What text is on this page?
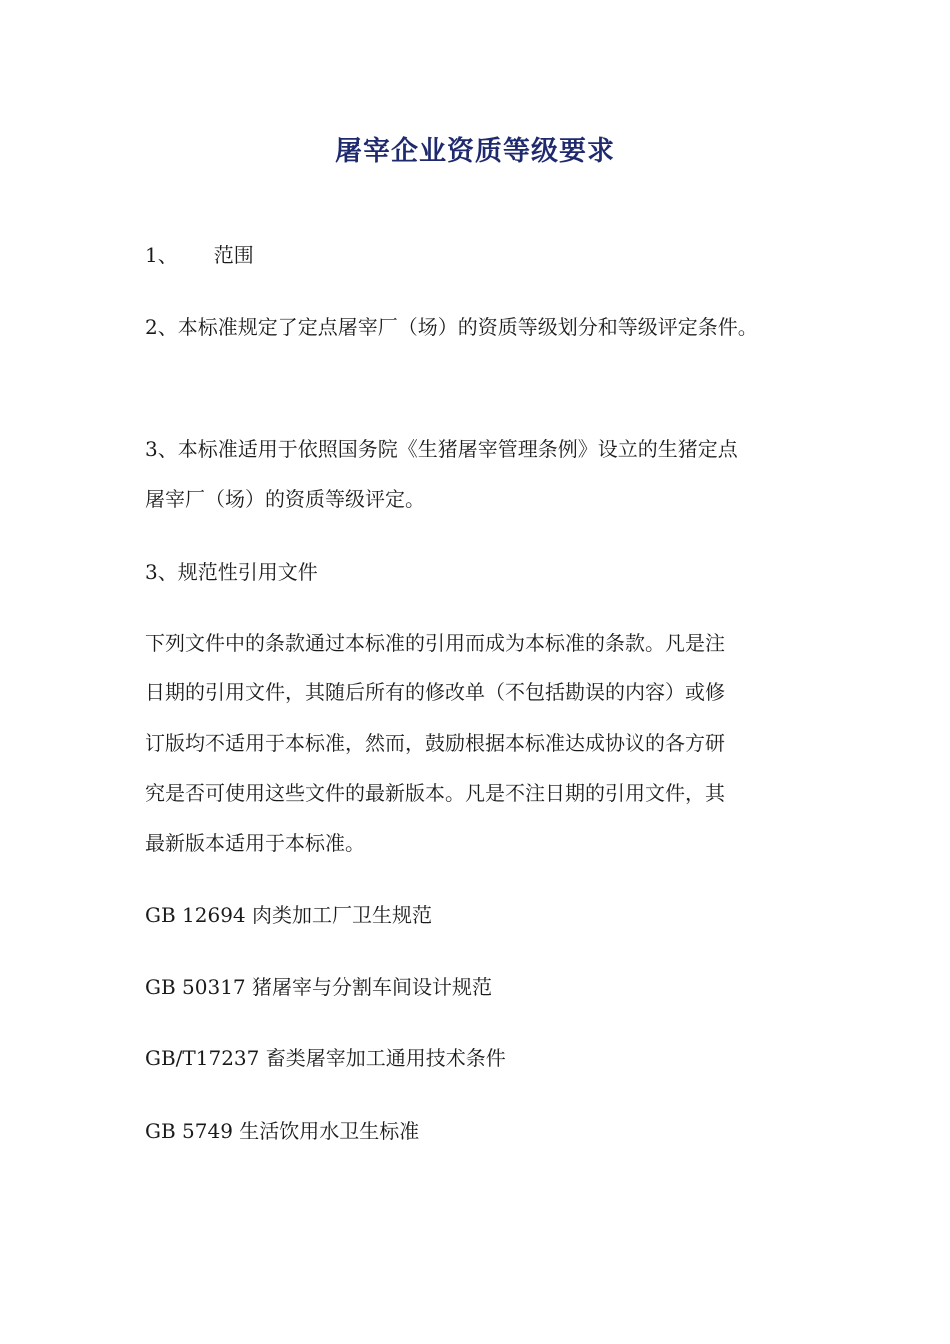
屠宰企业资质等级要求
1、 范围
2、本标准规定了定点屠宰厂（场）的资质等级划分和等级评定条件。
3、本标准适用于依照国务院《生猪屠宰管理条例》设立的生猪定点
屠宰厂（场）的资质等级评定。
3、规范性引用文件
下列文件中的条款通过本标准的引用而成为本标准的条款。凡是注
日期的引用文件，其随后所有的修改单（不包括勘误的内容）或修
订版均不适用于本标准，然而，鼓励根据本标准达成协议的各方研
究是否可使用这些文件的最新版本。凡是不注日期的引用文件，其
最新版本适用于本标准。
GB 12694 肉类加工厂卫生规范
GB 50317 猪屠宰与分割车间设计规范
GB/T17237 畜类屠宰加工通用技术条件
GB 5749 生活饮用水卫生标准
